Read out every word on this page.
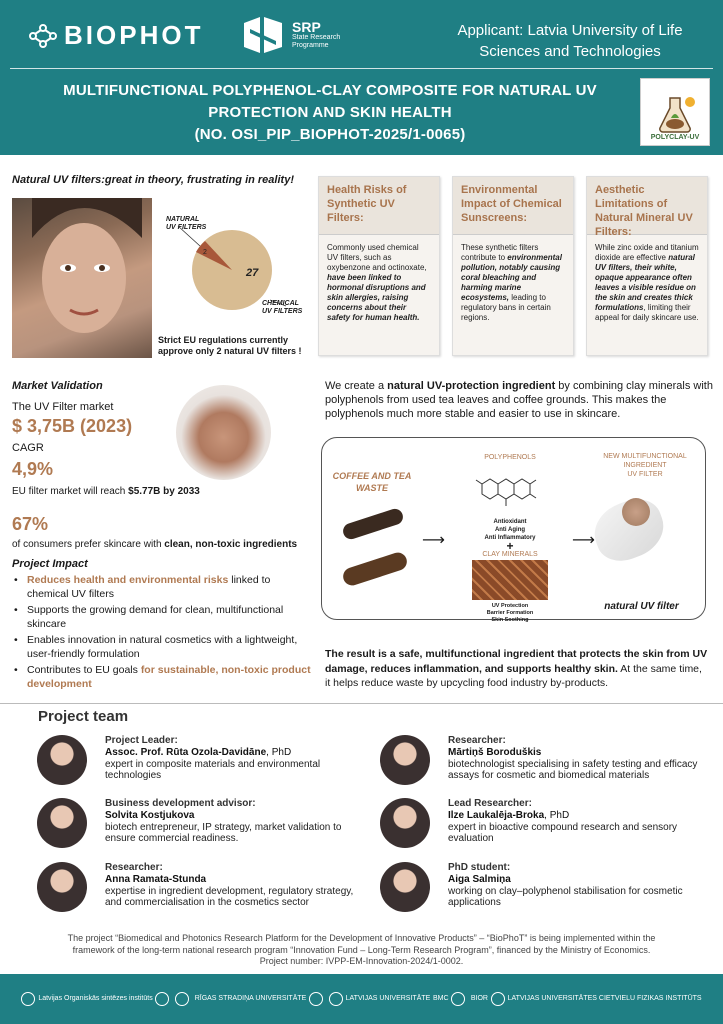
BIOPHOT	SRP
State Research
Programme
Applicant: Latvia University of Life
Sciences and Technologies
MULTIFUNCTIONAL POLYPHENOL-CLAY COMPOSITE FOR NATURAL UV
PROTECTION AND SKIN HEALTH
(NO. OSI_PIP_BIOPHOT-2025/1-0065)	POLYCLAY-UV
Natural UV filters:great in theory, frustrating in reality!
NATURAL
UV FILTERS
2
27
CHEMICAL
UV FILTERS
Strict EU regulations currently approve only 2 natural UV filters !
Health Risks of Synthetic UV Filters:
Commonly used chemical UV filters, such as oxybenzone and octinoxate, have been linked to hormonal disruptions and skin allergies, raising concerns about their safety for human health.
Environmental Impact of Chemical Sunscreens:
These synthetic filters contribute to environmental pollution, notably causing coral bleaching and harming marine ecosystems, leading to regulatory bans in certain regions.
Aesthetic Limitations of Natural Mineral UV Filters:
While zinc oxide and titanium dioxide are effective natural UV filters, their white, opaque appearance often leaves a visible residue on the skin and creates thick formulations, limiting their appeal for daily skincare use.
Market Validation
The UV Filter market
$ 3,75B (2023)
CAGR
4,9%
EU filter market will reach $5.77B by 2033
67%
of consumers prefer skincare with clean, non-toxic ingredients
Project Impact
• Reduces health and environmental risks linked to chemical UV filters
• Supports the growing demand for clean, multifunctional skincare
• Enables innovation in natural cosmetics with a lightweight, user-friendly formulation
• Contributes to EU goals for sustainable, non-toxic product development
We create a natural UV-protection ingredient by combining clay minerals with polyphenols from used tea leaves and coffee grounds. This makes the polyphenols much more stable and easier to use in skincare.
COFFEE AND TEA WASTE
⟶
POLYPHENOLS
Antioxidant
Anti Aging
Anti Inflammatory
+
CLAY MINERALS
UV Protection
Barrier Formation
Skin Soothing
⟶
NEW MULTIFUNCTIONAL
INGREDIENT
UV FILTER
natural UV filter
The result is a safe, multifunctional ingredient that protects the skin from UV damage, reduces inflammation, and supports healthy skin. At the same time, it helps reduce waste by upcycling food industry by-products.
Project team
Project Leader:
Assoc. Prof. Rūta Ozola-Davidāne, PhD
expert in composite materials and environmental technologies
Business development advisor:
Solvita Kostjukova
biotech entrepreneur, IP strategy, market validation to ensure commercial readiness.
Researcher:
Anna Ramata-Stunda
expertise in ingredient development, regulatory strategy, and commercialisation in the cosmetics sector
Researcher:
Mārtiņš Boroduškis
biotechnologist specialising in safety testing and efficacy assays for cosmetic and biomedical materials
Lead Researcher:
Ilze Laukalēja-Broka, PhD
expert in bioactive compound research and sensory evaluation
PhD student:
Aiga Salmiņa
working on clay–polyphenol stabilisation for cosmetic applications
The project “Biomedical and Photonics Research Platform for the Development of Innovative Products” – “BioPhoT” is being implemented within the
framework of the long-term national research program “Innovation Fund – Long-Term Research Program”, financed by the Ministry of Economics.
Project number: IVPP-EM-Innovation-2024/1-0002.
Latvijas Organiskās sintēzes institūts	RĪGAS STRADIŅA UNIVERSITĀTE	LATVIJAS UNIVERSITĀTE BMC	BIOR	LATVIJAS UNIVERSITĀTES CIETVIELU FIZIKAS INSTITŪTS
